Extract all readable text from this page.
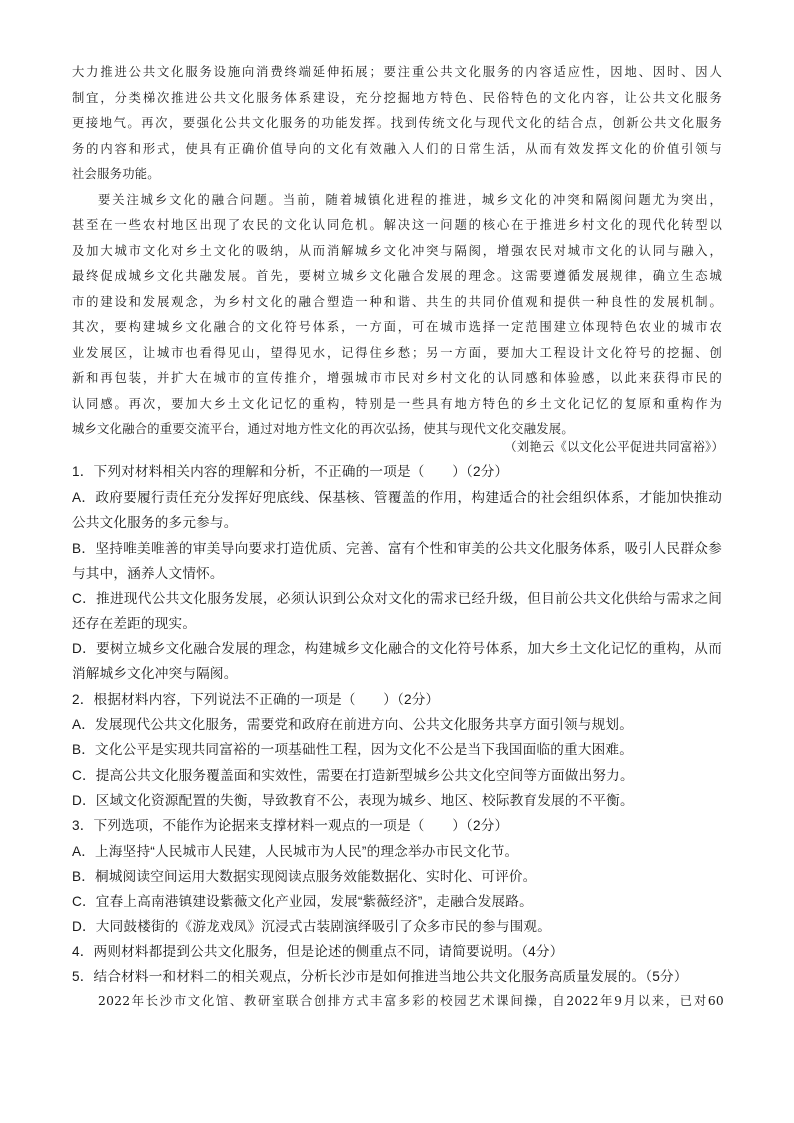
大力推进公共文化服务设施向消费终端延伸拓展；要注重公共文化服务的内容适应性，因地、因时、因人
制宜，分类梯次推进公共文化服务体系建设，充分挖掘地方特色、民俗特色的文化内容，让公共文化服务
更接地气。再次，要强化公共文化服务的功能发挥。找到传统文化与现代文化的结合点，创新公共文化服务
务的内容和形式，使具有正确价值导向的文化有效融入人们的日常生活，从而有效发挥文化的价值引领与
社会服务功能。
要关注城乡文化的融合问题。当前，随着城镇化进程的推进，城乡文化的冲突和隔阂问题尤为突出，
甚至在一些农村地区出现了农民的文化认同危机。解决这一问题的核心在于推进乡村文化的现代化转型以
及加大城市文化对乡土文化的吸纳，从而消解城乡文化冲突与隔阂，增强农民对城市文化的认同与融入，
最终促成城乡文化共融发展。首先，要树立城乡文化融合发展的理念。这需要遵循发展规律，确立生态城
市的建设和发展观念，为乡村文化的融合塑造一种和谐、共生的共同价值观和提供一种良性的发展机制。
其次，要构建城乡文化融合的文化符号体系，一方面，可在城市选择一定范围建立体现特色农业的城市农
业发展区，让城市也看得见山，望得见水，记得住乡愁；另一方面，要加大工程设计文化符号的挖掘、创
新和再包装，并扩大在城市的宣传推介，增强城市市民对乡村文化的认同感和体验感，以此来获得市民的
认同感。再次，要加大乡土文化记忆的重构，特别是一些具有地方特色的乡土文化记忆的复原和重构作为
城乡文化融合的重要交流平台，通过对地方性文化的再次弘扬，使其与现代文化交融发展。
（刘艳云《以文化公平促进共同富裕》）
1．下列对材料相关内容的理解和分析，不正确的一项是（　　）（2分）
A．政府要履行责任充分发挥好兜底线、保基核、管覆盖的作用，构建适合的社会组织体系，才能加快推动
公共文化服务的多元参与。
B．坚持唯美唯善的审美导向要求打造优质、完善、富有个性和审美的公共文化服务体系，吸引人民群众参
与其中，涵养人文情怀。
C．推进现代公共文化服务发展，必须认识到公众对文化的需求已经升级，但目前公共文化供给与需求之间
还存在差距的现实。
D．要树立城乡文化融合发展的理念，构建城乡文化融合的文化符号体系，加大乡土文化记忆的重构，从而
消解城乡文化冲突与隔阂。
2．根据材料内容，下列说法不正确的一项是（　　）（2分）
A．发展现代公共文化服务，需要党和政府在前进方向、公共文化服务共享方面引领与规划。
B．文化公平是实现共同富裕的一项基础性工程，因为文化不公是当下我国面临的重大困难。
C．提高公共文化服务覆盖面和实效性，需要在打造新型城乡公共文化空间等方面做出努力。
D．区域文化资源配置的失衡，导致教育不公，表现为城乡、地区、校际教育发展的不平衡。
3．下列选项，不能作为论据来支撑材料一观点的一项是（　　）（2分）
A．上海坚持“人民城市人民建，人民城市为人民”的理念举办市民文化节。
B．桐城阅读空间运用大数据实现阅读点服务效能数据化、实时化、可评价。
C．宜春上高南港镇建设紫薇文化产业园，发展“紫薇经济”，走融合发展路。
D．大同鼓楼街的《游龙戏凤》沉浸式古装剧演绎吸引了众多市民的参与围观。
4．两则材料都提到公共文化服务，但是论述的侧重点不同，请简要说明。（4分）
5．结合材料一和材料二的相关观点，分析长沙市是如何推进当地公共文化服务高质量发展的。（5分）
2022年长沙市文化馆、教研室联合创排方式丰富多彩的校园艺术课间操，自2022年9月以来，已对60
